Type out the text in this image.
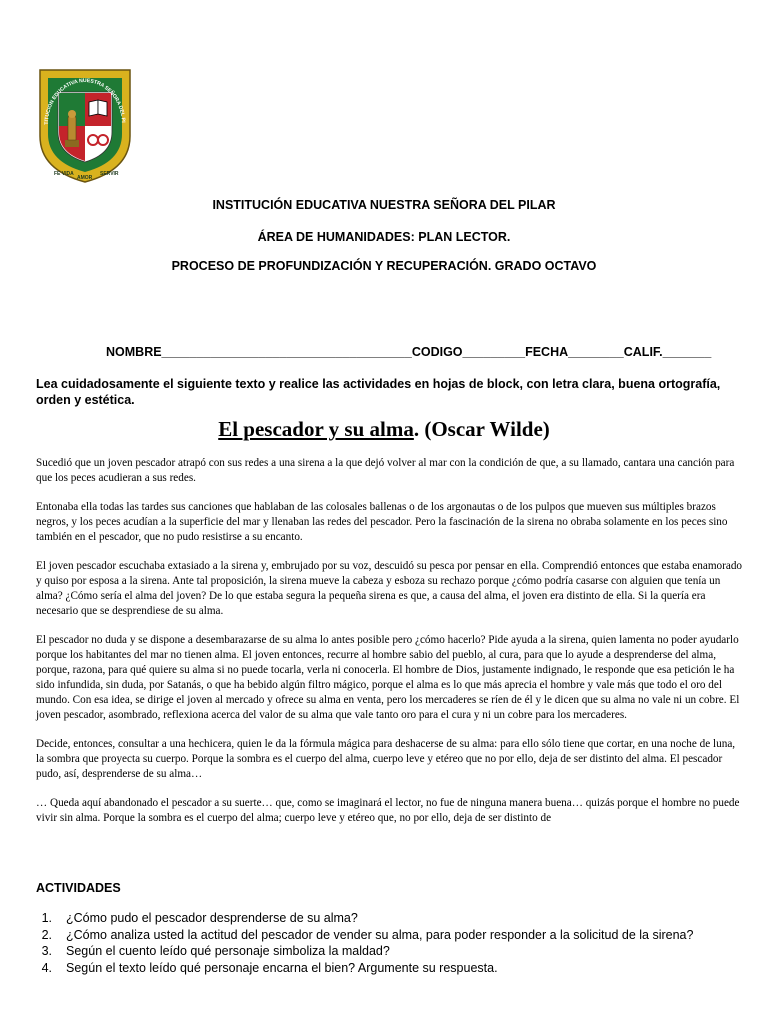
TITUCION EDUCATIVA NUESTRA SEÑORA DEL PI
FE VIDA
AMOR
SERVIR
INSTITUCIÓN EDUCATIVA NUESTRA SEÑORA DEL PILAR
ÁREA DE HUMANIDADES: PLAN LECTOR.
PROCESO DE PROFUNDIZACIÓN Y RECUPERACIÓN. GRADO OCTAVO
NOMBRE____________________________________CODIGO_________FECHA________CALIF._______
Lea cuidadosamente el siguiente texto y realice las actividades en hojas de block, con letra clara, buena ortografía, orden y estética.
El pescador y su alma. (Oscar Wilde)

Sucedió que un joven pescador atrapó con sus redes a una sirena a la que dejó volver al mar con la condición de que, a su llamado, cantara una canción para que los peces acudieran a sus redes.

Entonaba ella todas las tardes sus canciones que hablaban de las colosales ballenas o de los argonautas o de los pulpos que mueven sus múltiples brazos negros, y los peces acudían a la superficie del mar y llenaban las redes del pescador. Pero la fascinación de la sirena no obraba solamente en los peces sino también en el pescador, que no pudo resistirse a su encanto.

El joven pescador escuchaba extasiado a la sirena y, embrujado por su voz, descuidó su pesca por pensar en ella. Comprendió entonces que estaba enamorado y quiso por esposa a la sirena. Ante tal proposición, la sirena mueve la cabeza y esboza su rechazo porque ¿cómo podría casarse con alguien que tenía un alma? ¿Cómo sería el alma del joven? De lo que estaba segura la pequeña sirena es que, a causa del alma, el joven era distinto de ella. Si la quería era necesario que se desprendiese de su alma.

El pescador no duda y se dispone a desembarazarse de su alma lo antes posible pero ¿cómo hacerlo? Pide ayuda a la sirena, quien lamenta no poder ayudarlo porque los habitantes del mar no tienen alma. El joven entonces, recurre al hombre sabio del pueblo, al cura, para que lo ayude a desprenderse del alma, porque, razona, para qué quiere su alma si no puede tocarla, verla ni conocerla. El hombre de Dios, justamente indignado, le responde que esa petición le ha sido infundida, sin duda, por Satanás, o que ha bebido algún filtro mágico, porque el alma es lo que más aprecia el hombre y vale más que todo el oro del mundo. Con esa idea, se dirige el joven al mercado y ofrece su alma en venta, pero los mercaderes se ríen de él y le dicen que su alma no vale ni un cobre. El joven pescador, asombrado, reflexiona acerca del valor de su alma que vale tanto oro para el cura y ni un cobre para los mercaderes.

Decide, entonces, consultar a una hechicera, quien le da la fórmula mágica para deshacerse de su alma: para ello sólo tiene que cortar, en una noche de luna, la sombra que proyecta su cuerpo. Porque la sombra es el cuerpo del alma, cuerpo leve y etéreo que no por ello, deja de ser distinto del alma. El pescador pudo, así, desprenderse de su alma…

… Queda aquí abandonado el pescador a su suerte… que, como se imaginará el lector, no fue de ninguna manera buena… quizás porque el hombre no puede vivir sin alma. Porque la sombra es el cuerpo del alma; cuerpo leve y etéreo que, no por ello, deja de ser distinto de

ACTIVIDADES
1.	¿Cómo pudo el pescador desprenderse de su alma?
2.	¿Cómo analiza usted la actitud del pescador de vender su alma, para poder responder a la solicitud de la sirena?
3.	Según el cuento leído qué personaje simboliza la maldad?
4.	Según el texto leído qué personaje encarna el bien? Argumente su respuesta.
